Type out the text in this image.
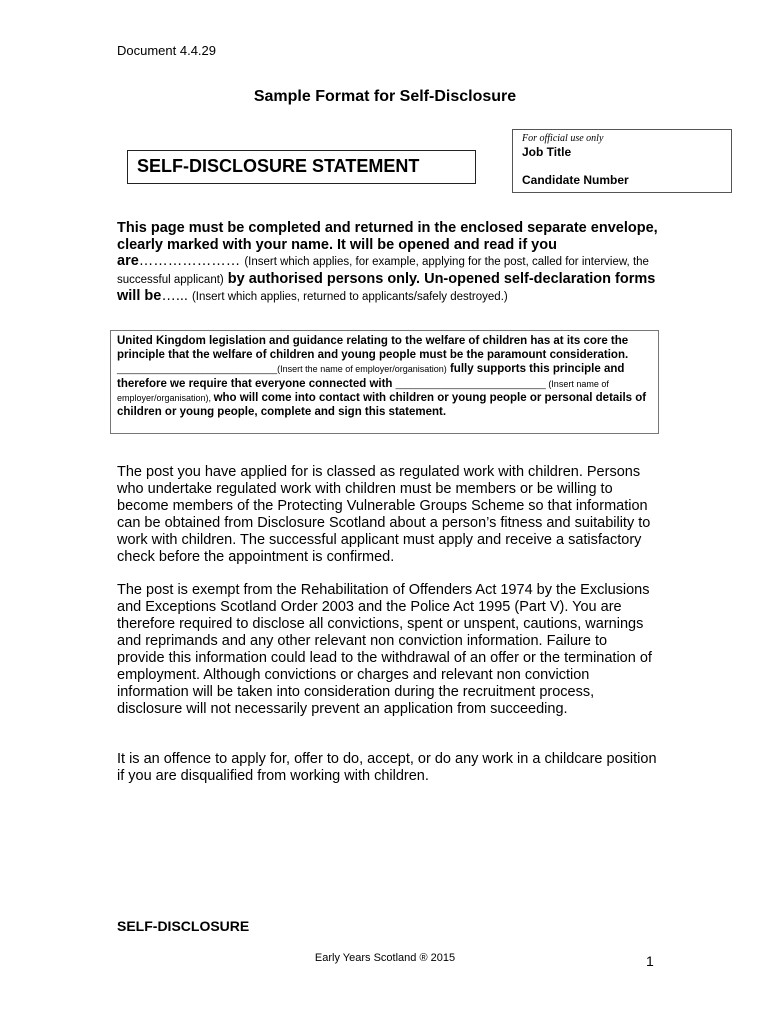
Document 4.4.29
Sample Format for Self-Disclosure
For official use only
Job Title
Candidate Number
SELF-DISCLOSURE STATEMENT
This page must be completed and returned in the enclosed separate envelope, clearly marked with your name. It will be opened and read if you are………………… (Insert which applies, for example, applying for the post, called for interview, the successful applicant) by authorised persons only. Un-opened self-declaration forms will be…... (Insert which applies, returned to applicants/safely destroyed.)
United Kingdom legislation and guidance relating to the welfare of children has at its core the principle that the welfare of children and young people must be the paramount consideration. ________________________________(Insert the name of employer/organisation) fully supports this principle and therefore we require that everyone connected with ______________________________ (Insert name of employer/organisation), who will come into contact with children or young people or personal details of children or young people, complete and sign this statement.
The post you have applied for is classed as regulated work with children. Persons who undertake regulated work with children must be members or be willing to become members of the Protecting Vulnerable Groups Scheme so that information can be obtained from Disclosure Scotland about a person’s fitness and suitability to work with children. The successful applicant must apply and receive a satisfactory check before the appointment is confirmed.
The post is exempt from the Rehabilitation of Offenders Act 1974 by the Exclusions and Exceptions Scotland Order 2003 and the Police Act 1995 (Part V). You are therefore required to disclose all convictions, spent or unspent, cautions, warnings and reprimands and any other relevant non conviction information. Failure to provide this information could lead to the withdrawal of an offer or the termination of employment. Although convictions or charges and relevant non conviction information will be taken into consideration during the recruitment process, disclosure will not necessarily prevent an application from succeeding.
It is an offence to apply for, offer to do, accept, or do any work in a childcare position if you are disqualified from working with children.
SELF-DISCLOSURE
Early Years Scotland ® 2015	1
